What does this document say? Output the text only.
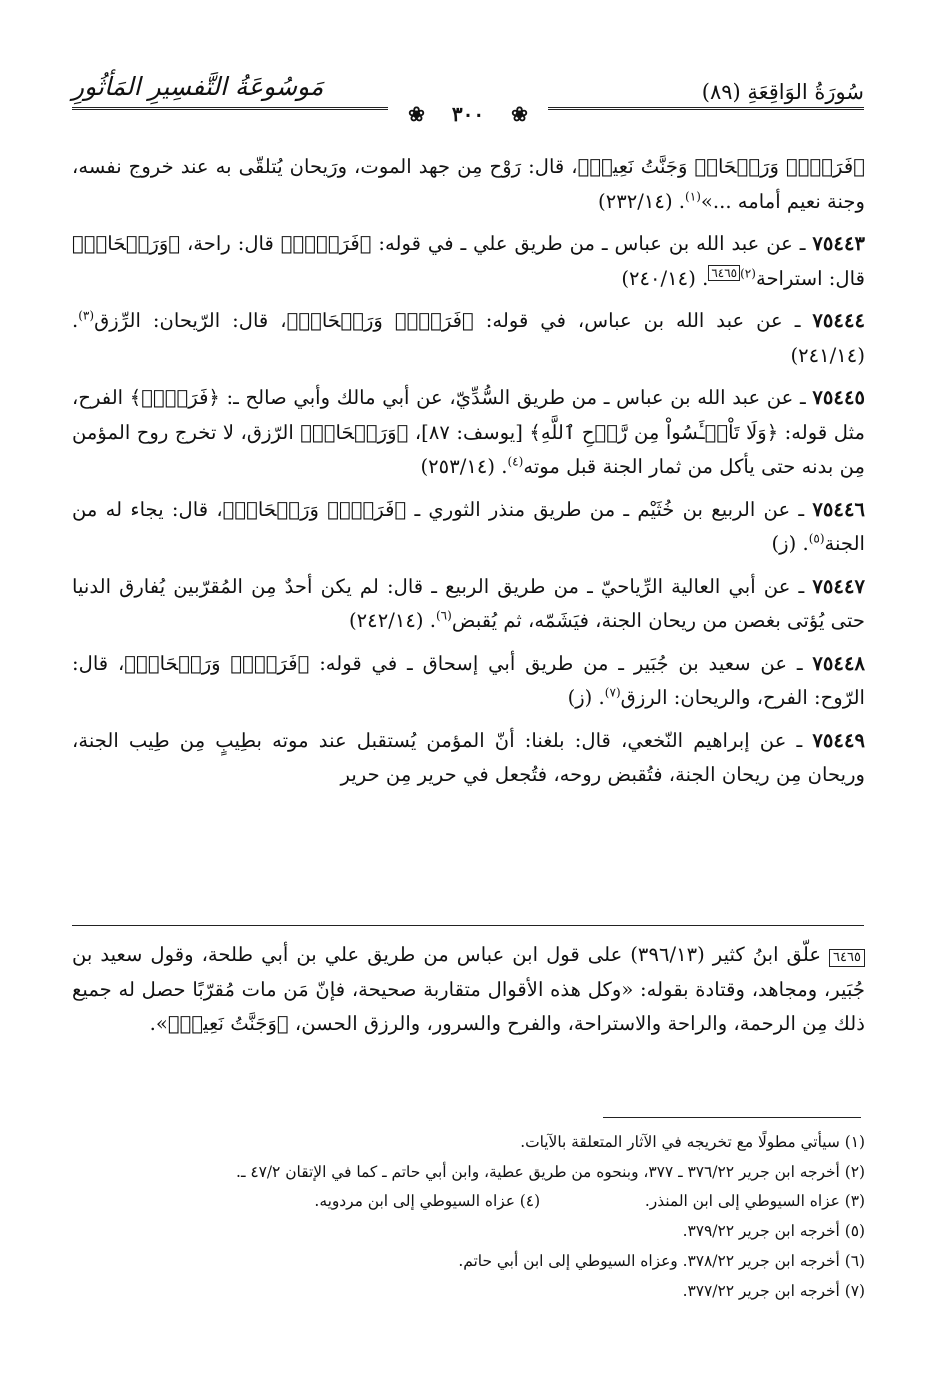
سُورَةُ الوَاقِعَةِ (٨٩)
مَوسُوعَةُ التَّفسِيرِ المَأثُورِ
❀ ٣٠٠ ❀
﴿فَرَوۡحٞ وَرَيۡحَانٞ وَجَنَّتُ نَعِيمٖ﴾، قال: رَوْح مِن جهد الموت، ورَيحان يُتلقّى به عند خروج نفسه، وجنة نعيم أمامه ...»$^{(١)}$. (٢٣٢/١٤)
٧٥٤٤٣ ـ عن عبد الله بن عباس ـ من طريق علي ـ في قوله: ﴿فَرَوۡحٞ﴾ قال: راحة، ﴿وَرَيۡحَانٞ﴾ قال: استراحة$^{(٢)}$٦٤٦٥. (٢٤٠/١٤)
٧٥٤٤٤ ـ عن عبد الله بن عباس، في قوله: ﴿فَرَوۡحٞ وَرَيۡحَانٞ﴾، قال: الرّيحان: الرِّزق$^{(٣)}$. (٢٤١/١٤)
٧٥٤٤٥ ـ عن عبد الله بن عباس ـ من طريق السُّدِّيّ، عن أبي مالك وأبي صالح ـ: ﴿فَرَوۡحٞ﴾ الفرح، مثل قوله: ﴿وَلَا تَاْيۡـَٔسُواْ مِن رَّوۡحِ ٱللَّهِ﴾ [يوسف: ٨٧]، ﴿وَرَيۡحَانٞ﴾ الرّزق، لا تخرج روح المؤمن مِن بدنه حتى يأكل من ثمار الجنة قبل موته$^{(٤)}$. (٢٥٣/١٤)
٧٥٤٤٦ ـ عن الربيع بن خُثَيْم ـ من طريق منذر الثوري ـ ﴿فَرَوۡحٞ وَرَيۡحَانٞ﴾، قال: يجاء له من الجنة$^{(٥)}$. (ز)
٧٥٤٤٧ ـ عن أبي العالية الرِّياحيّ ـ من طريق الربيع ـ قال: لم يكن أحدٌ مِن المُقرّبين يُفارق الدنيا حتى يُؤتى بغصن من ريحان الجنة، فيَشَمّه، ثم يُقبض$^{(٦)}$. (٢٤٢/١٤)
٧٥٤٤٨ ـ عن سعيد بن جُبَير ـ من طريق أبي إسحاق ـ في قوله: ﴿فَرَوۡحٞ وَرَيۡحَانٞ﴾، قال: الرّوح: الفرح، والريحان: الرزق$^{(٧)}$. (ز)
٧٥٤٤٩ ـ عن إبراهيم النّخعي، قال: بلغنا: أنّ المؤمن يُستقبل عند موته بطِيبٍ مِن طِيب الجنة، وريحان مِن ريحان الجنة، فتُقبض روحه، فتُجعل في حرير مِن حرير
٦٤٦٥ علّق ابنُ كثير (٣٩٦/١٣) على قول ابن عباس من طريق علي بن أبي طلحة، وقول سعيد بن جُبَير، ومجاهد، وقتادة بقوله: «وكل هذه الأقوال متقاربة صحيحة، فإنّ مَن مات مُقرّبًا حصل له جميع ذلك مِن الرحمة، والراحة والاستراحة، والفرح والسرور، والرزق الحسن، ﴿وَجَنَّتُ نَعِيمٖ﴾».
(١) سيأتي مطولًا مع تخريجه في الآثار المتعلقة بالآيات.
(٢) أخرجه ابن جرير ٣٧٦/٢٢ ـ ٣٧٧، وبنحوه من طريق عطية، وابن أبي حاتم ـ كما في الإتقان ٤٧/٢ ـ.
(٣) عزاه السيوطي إلى ابن المنذر. (٤) عزاه السيوطي إلى ابن مردويه.
(٥) أخرجه ابن جرير ٣٧٩/٢٢.
(٦) أخرجه ابن جرير ٣٧٨/٢٢. وعزاه السيوطي إلى ابن أبي حاتم.
(٧) أخرجه ابن جرير ٣٧٧/٢٢.
